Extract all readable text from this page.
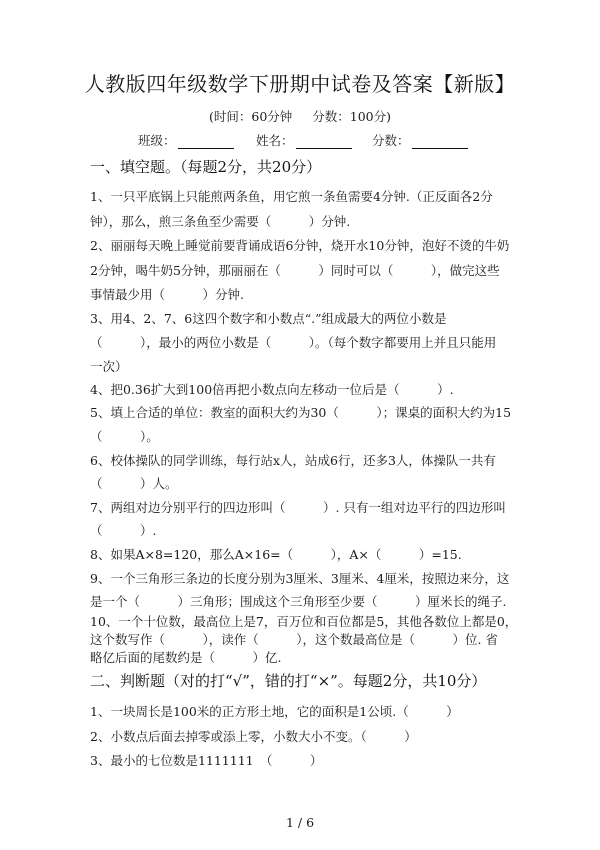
人教版四年级数学下册期中试卷及答案【新版】
(时间：60分钟 分数：100分)
班级：	姓名：	分数：
一、填空题。（每题2分，共20分）
1、一只平底锅上只能煎两条鱼，用它煎一条鱼需要4分钟.（正反面各2分
钟），那么，煎三条鱼至少需要（　　　）分钟.
2、丽丽每天晚上睡觉前要背诵成语6分钟，烧开水10分钟，泡好不烫的牛奶
2分钟，喝牛奶5分钟，那丽丽在（　　　）同时可以（　　　），做完这些
事情最少用（　　　）分钟.
3、用4、2、7、6这四个数字和小数点“.”组成最大的两位小数是
（　　　），最小的两位小数是（　　　）。（每个数字都要用上并且只能用
一次）
4、把0.36扩大到100倍再把小数点向左移动一位后是（　　　）.
5、填上合适的单位：教室的面积大约为30（　　　）；课桌的面积大约为15
（　　　）。
6、校体操队的同学训练，每行站x人，站成6行，还多3人，体操队一共有
（　　　）人。
7、两组对边分别平行的四边形叫（　　　）. 只有一组对边平行的四边形叫
（　　　）.
8、如果A×8=120，那么A×16=（　　　），A×（　　　）=15.
9、一个三角形三条边的长度分别为3厘米、3厘米、4厘米，按照边来分，这
是一个（　　　）三角形；围成这个三角形至少要（　　　）厘米长的绳子.
10、一个十位数，最高位上是7，百万位和百位都是5，其他各数位上都是0，
这个数写作（　　　），读作（　　　），这个数最高位是（　　　）位. 省
略亿后面的尾数约是（　　　）亿.
二、判断题（对的打“√”，错的打“×”。每题2分，共10分）
1、一块周长是100米的正方形土地，它的面积是1公顷.（　　　）
2、小数点后面去掉零或添上零，小数大小不变。（　　　）
3、最小的七位数是1111111　（　　　）
1 / 6
